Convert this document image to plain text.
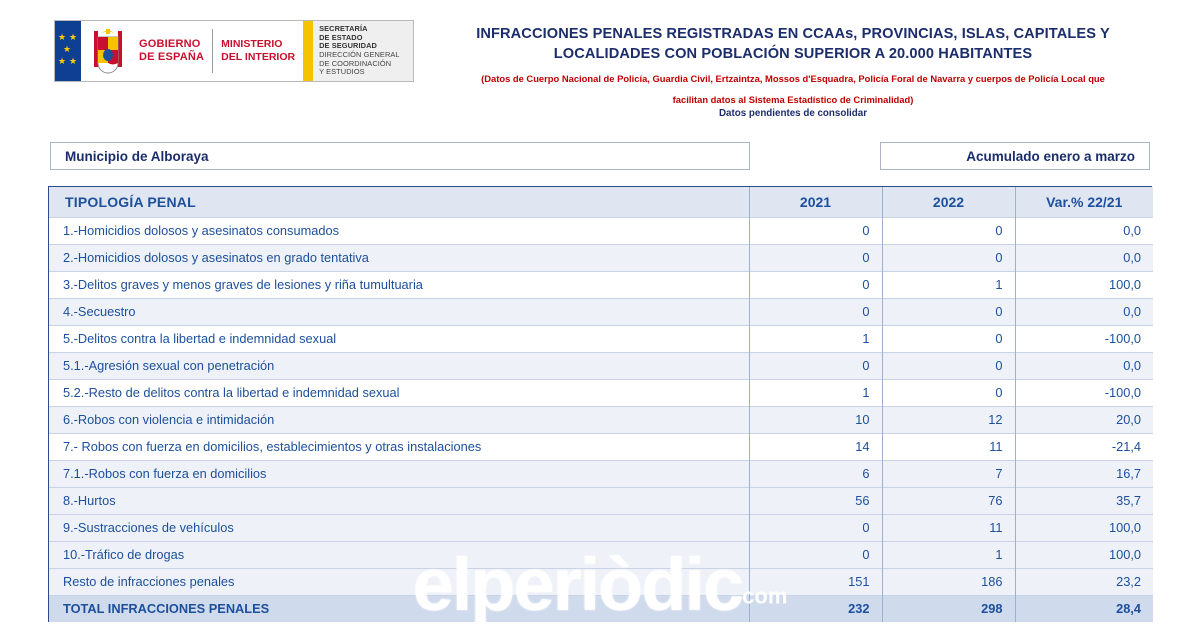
★ ★
★
★ ★
GOBIERNO
DE ESPAÑA
MINISTERIO
DEL INTERIOR
SECRETARÍA
DE ESTADO
DE SEGURIDAD
DIRECCIÓN GENERAL
DE COORDINACIÓN
Y ESTUDIOS
INFRACCIONES PENALES REGISTRADAS EN CCAAs, PROVINCIAS, ISLAS, CAPITALES Y
LOCALIDADES CON POBLACIÓN SUPERIOR A 20.000 HABITANTES
(Datos de Cuerpo Nacional de Policía, Guardia Civil, Ertzaintza, Mossos d'Esquadra, Policía Foral de Navarra y cuerpos de Policía Local que
facilitan datos al Sistema Estadístico de Criminalidad)
Datos pendientes de consolidar
Municipio de Alboraya	Acumulado enero a marzo
TIPOLOGÍA PENAL	2021	2022	Var.% 22/21
1.-Homicidios dolosos y asesinatos consumados	0	0	0,0
2.-Homicidios dolosos y asesinatos en grado tentativa	0	0	0,0
3.-Delitos graves y menos graves de lesiones y riña tumultuaria	0	1	100,0
4.-Secuestro	0	0	0,0
5.-Delitos contra la libertad e indemnidad sexual	1	0	-100,0
5.1.-Agresión sexual con penetración	0	0	0,0
5.2.-Resto de delitos contra la libertad e indemnidad sexual	1	0	-100,0
6.-Robos con violencia e intimidación	10	12	20,0
7.- Robos con fuerza en domicilios, establecimientos y otras instalaciones	14	11	-21,4
7.1.-Robos con fuerza en domicilios	6	7	16,7
8.-Hurtos	56	76	35,7
9.-Sustracciones de vehículos	0	11	100,0
10.-Tráfico de drogas	0	1	100,0
Resto de infracciones penales	151	186	23,2
TOTAL INFRACCIONES PENALES	232	298	28,4
elperiòdiccom
